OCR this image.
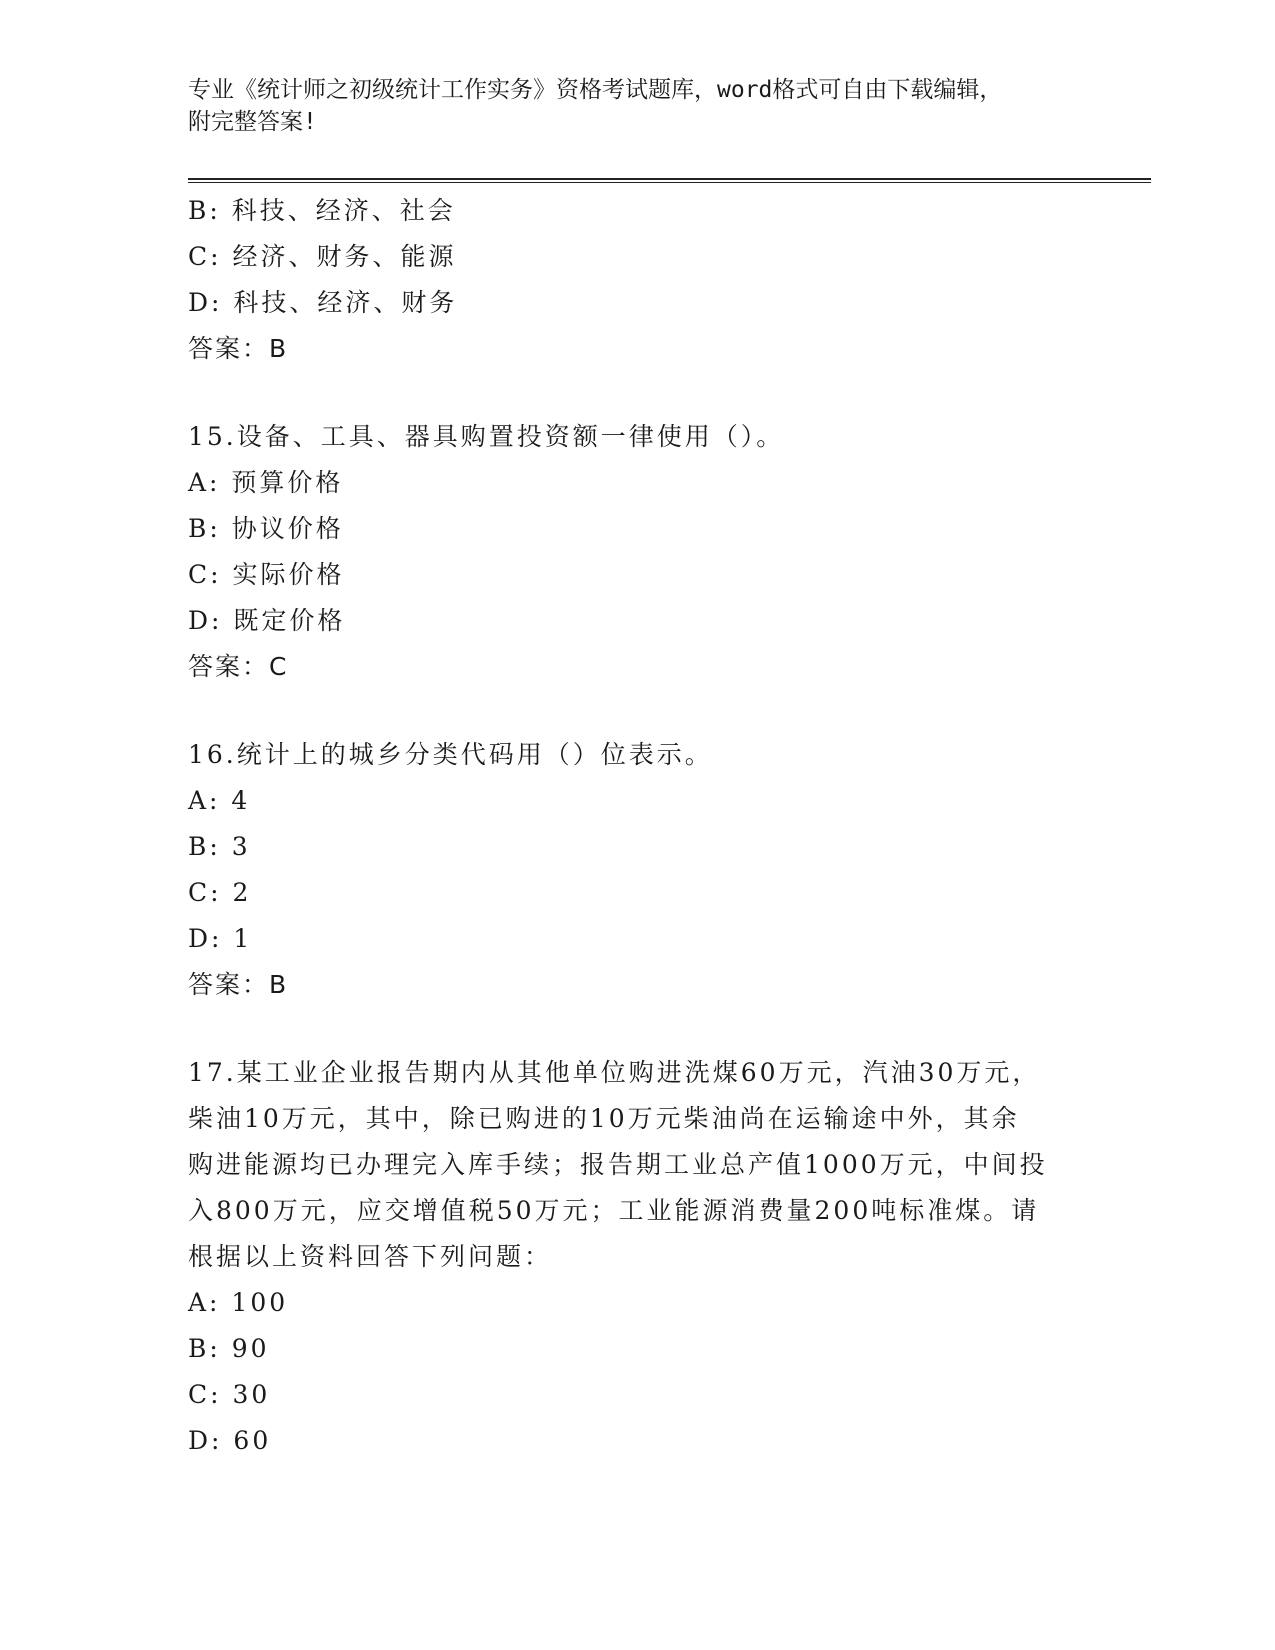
专业《统计师之初级统计工作实务》资格考试题库，word格式可自由下载编辑，
附完整答案!
B: 科技、经济、社会
C: 经济、财务、能源
D: 科技、经济、财务
答案：B
15.设备、工具、器具购置投资额一律使用（）。
A: 预算价格
B: 协议价格
C: 实际价格
D: 既定价格
答案：C
16.统计上的城乡分类代码用（）位表示。
A: 4
B: 3
C: 2
D: 1
答案：B
17.某工业企业报告期内从其他单位购进洗煤60万元，汽油30万元，
柴油10万元，其中，除已购进的10万元柴油尚在运输途中外，其余
购进能源均已办理完入库手续；报告期工业总产值1000万元，中间投
入800万元，应交增值税50万元；工业能源消费量200吨标准煤。请
根据以上资料回答下列问题：
A: 100
B: 90
C: 30
D: 60
